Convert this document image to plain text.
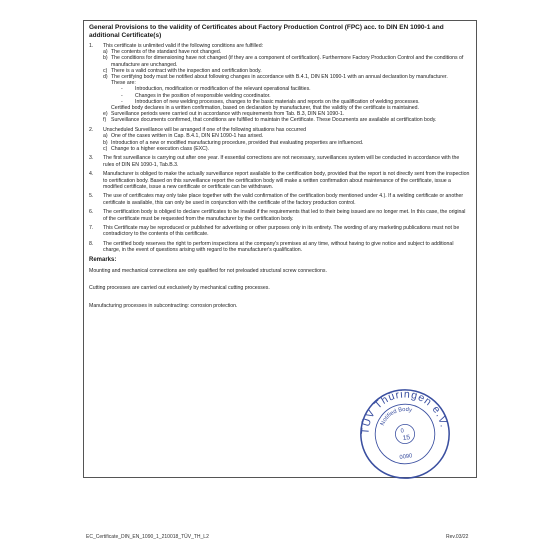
General Provisions to the validity of Certificates about Factory Production Control (FPC) acc. to DIN EN 1090-1 and additional Certificate(s)
1.	This certificate is unlimited valid if the following conditions are fulfilled:
a) The contents of the standard have not changed.
b) The conditions for dimensioning have not changed (if they are a component of certification). Furthermore Factory Production Control and the conditions of manufacture are unchanged.
c) There is a valid contract with the inspection and certification body.
d) The certifying body must be notified about following changes in accordance with B.4.1, DIN EN 1090-1 with an annual declaration by manufacturer.
These are:
-	Introduction, modification or modification of the relevant operational facilities.
-	Changes in the position of responsible welding coordinator.
-	Introduction of new welding processes, changes to the basic materials and reports on the qualification of welding processes.
Certified body declares in a written confirmation, based on declaration by manufacturer, that the validity of the certificate is maintained.
e) Surveillance periods were carried out in accordance with requirements from Tab. B.3, DIN EN 1090-1.
f) Surveillance documents confirmed, that conditions are fulfilled to maintain the Certificate. These Documents are available at certification body.
2.	Unscheduled Surveillance will be arranged if one of the following situations has occurred
a) One of the cases written in Cap. B.4.1, DIN EN 1090-1 has arised.
b) Introduction of a new or modified manufacturing procedure, provided that evaluating properties are influenced.
c) Change to a higher execution class (EXC).
3.	The first surveillance is carrying out after one year. If essential corrections are not necessary, surveillances system will be conducted in accordance with the rules of DIN EN 1090-1, Tab.B.3.
4.	Manufacturer is obliged to make the actually surveillance report available to the certification body, provided that the report is not directly sent from the inspection to certification body. Based on this surveillance report the certification body will make a written confirmation about maintenance of the certificate, issue a modified certificate, issue a new certificate or certificate can be withdrawn.
5.	The use of certificates may only take place together with the valid confirmation of the certification body mentioned under 4.). If a welding certificate or another certificate is available, this can only be used in conjunction with the certificate of the factory production control.
6.	The certification body is obliged to declare certificates to be invalid if the requirements that led to their being issued are no longer met. In this case, the original of the certificate must be requested from the manufacturer by the certification body.
7.	This Certificate may be reproduced or published for advertising or other purposes only in its entirety. The wording of any marketing publications must not be contradictory to the contents of this certificate.
8.	The certified body reserves the right to perform inspections at the company's premises at any time, without having to give notice and subject to additional charge, in the event of questions arising with regard to the manufacturer's qualification.
Remarks:
Mounting and mechanical connections are only qualified for not preloaded structural screw connections.
Cutting processes are carried out exclusively by mechanical cutting processes.
Manufacturing processes in subcontracting: corrosion protection.
TÜV Thüringen e.V.
Notified Body
0
15
0090
EC_Certificate_DIN_EN_1090_1_210018_TÜV_TH_L2	Rev.03/22
